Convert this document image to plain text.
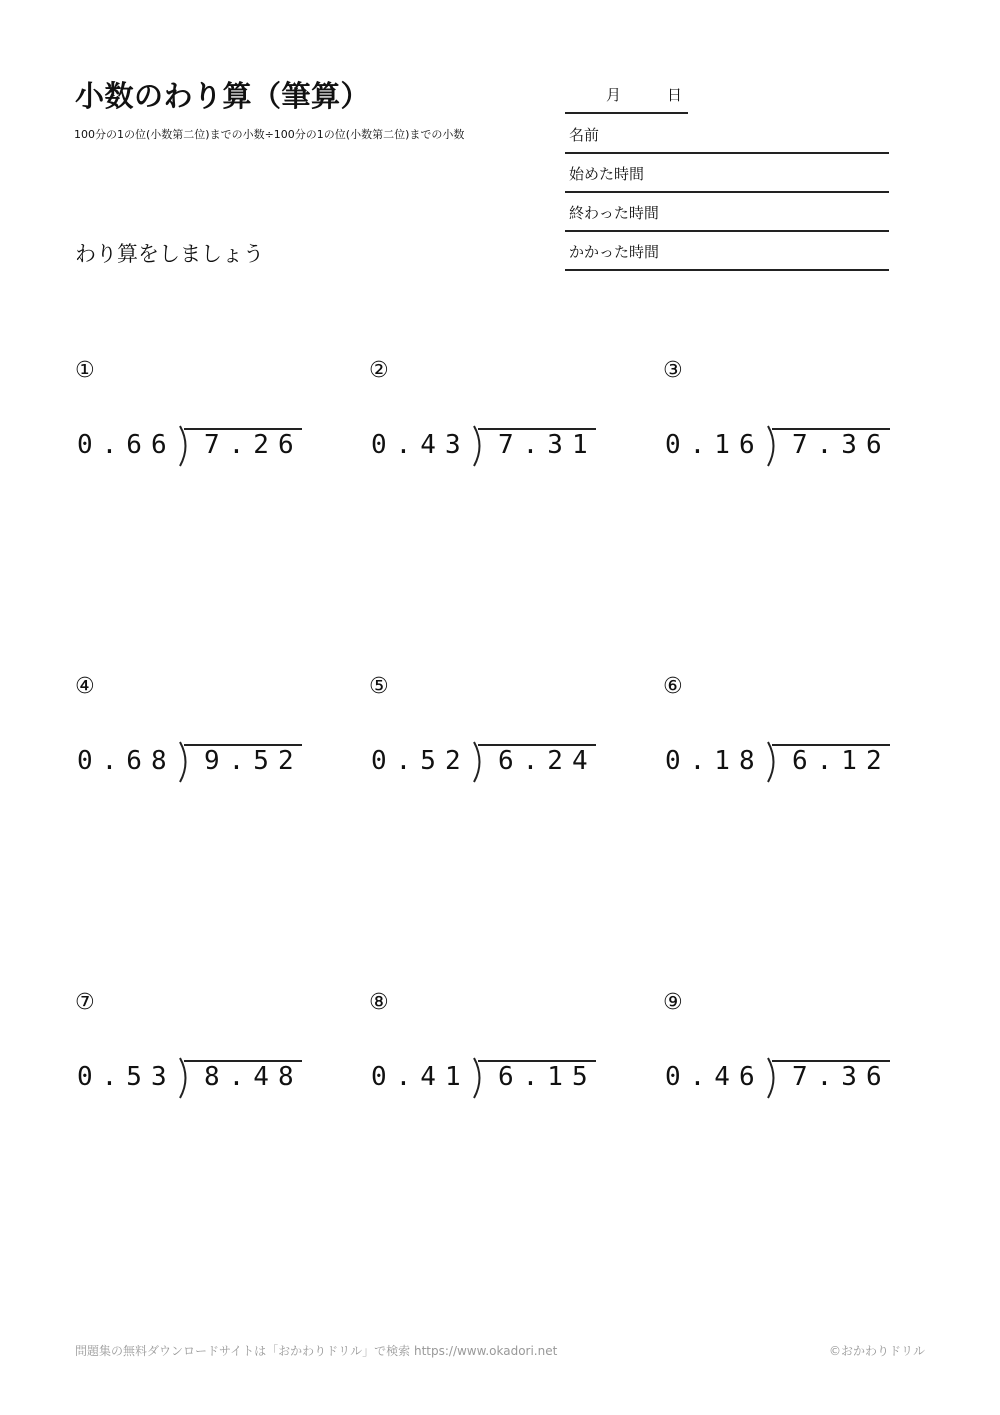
小数のわり算（筆算）
100分の1の位(小数第二位)までの小数÷100分の1の位(小数第二位)までの小数
わり算をしましょう
月	日
名前
始めた時間
終わった時間
かかった時間
①
0.66 7.26
②
0.43 7.31
③
0.16 7.36
④
0.68 9.52
⑤
0.52 6.24
⑥
0.18 6.12
⑦
0.53 8.48
⑧
0.41 6.15
⑨
0.46 7.36
問題集の無料ダウンロードサイトは「おかわりドリル」で検索 https://www.okadori.net	©おかわりドリル
